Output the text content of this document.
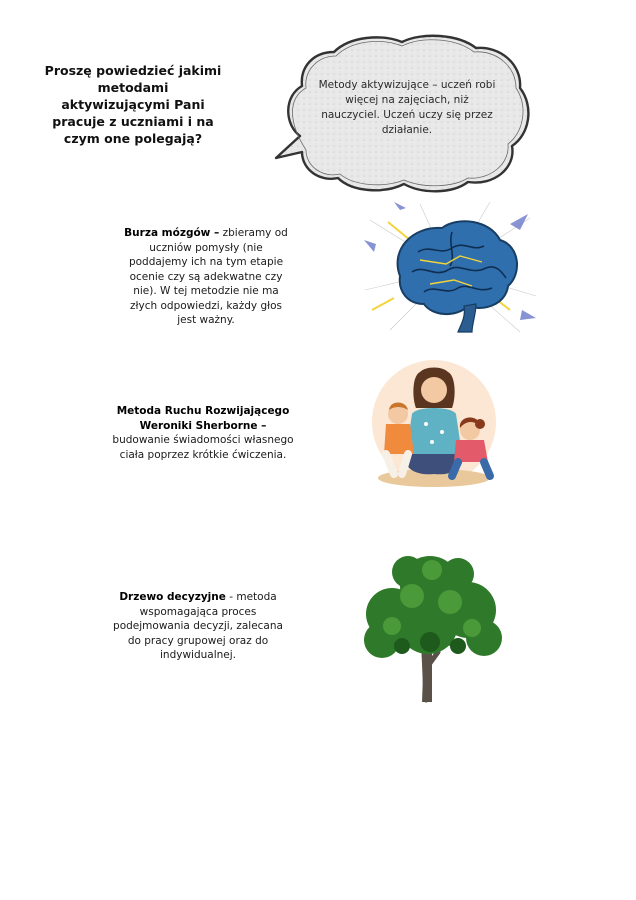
Proszę powiedzieć jakimi metodami aktywizującymi Pani pracuje z uczniami i na czym one polegają?
Metody aktywizujące – uczeń robi więcej na zajęciach, niż nauczyciel. Uczeń uczy się przez działanie.
Burza mózgów – zbieramy od uczniów pomysły (nie poddajemy ich na tym etapie ocenie czy są adekwatne czy nie). W tej metodzie nie ma złych odpowiedzi, każdy głos jest ważny.
Metoda Ruchu Rozwijającego Weroniki Sherborne – budowanie świadomości własnego ciała poprzez krótkie ćwiczenia.
Drzewo decyzyjne - metoda wspomagająca proces podejmowania decyzji, zalecana do pracy grupowej oraz do indywidualnej.
